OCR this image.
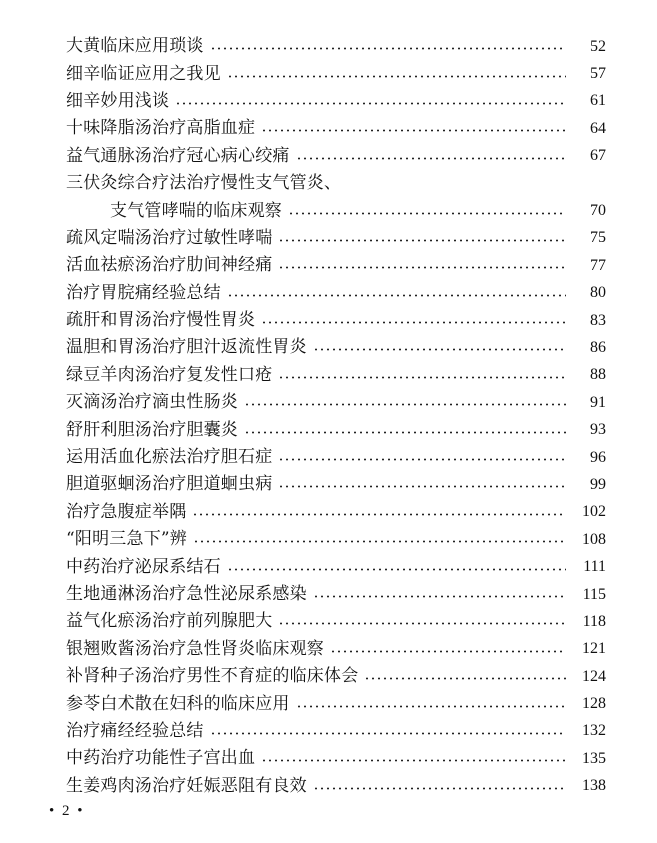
大黄临床应用琐谈	52
细辛临证应用之我见	57
细辛妙用浅谈	61
十味降脂汤治疗高脂血症	64
益气通脉汤治疗冠心病心绞痛	67
三伏灸综合疗法治疗慢性支气管炎、
支气管哮喘的临床观察	70
疏风定喘汤治疗过敏性哮喘	75
活血祛瘀汤治疗肋间神经痛	77
治疗胃脘痛经验总结	80
疏肝和胃汤治疗慢性胃炎	83
温胆和胃汤治疗胆汁返流性胃炎	86
绿豆羊肉汤治疗复发性口疮	88
灭滴汤治疗滴虫性肠炎	91
舒肝利胆汤治疗胆囊炎	93
运用活血化瘀法治疗胆石症	96
胆道驱蛔汤治疗胆道蛔虫病	99
治疗急腹症举隅	102
“阳明三急下”辨	108
中药治疗泌尿系结石	111
生地通淋汤治疗急性泌尿系感染	115
益气化瘀汤治疗前列腺肥大	118
银翘败酱汤治疗急性肾炎临床观察	121
补肾种子汤治疗男性不育症的临床体会	124
参苓白术散在妇科的临床应用	128
治疗痛经经验总结	132
中药治疗功能性子宫出血	135
生姜鸡肉汤治疗妊娠恶阻有良效	138
• 2 •
